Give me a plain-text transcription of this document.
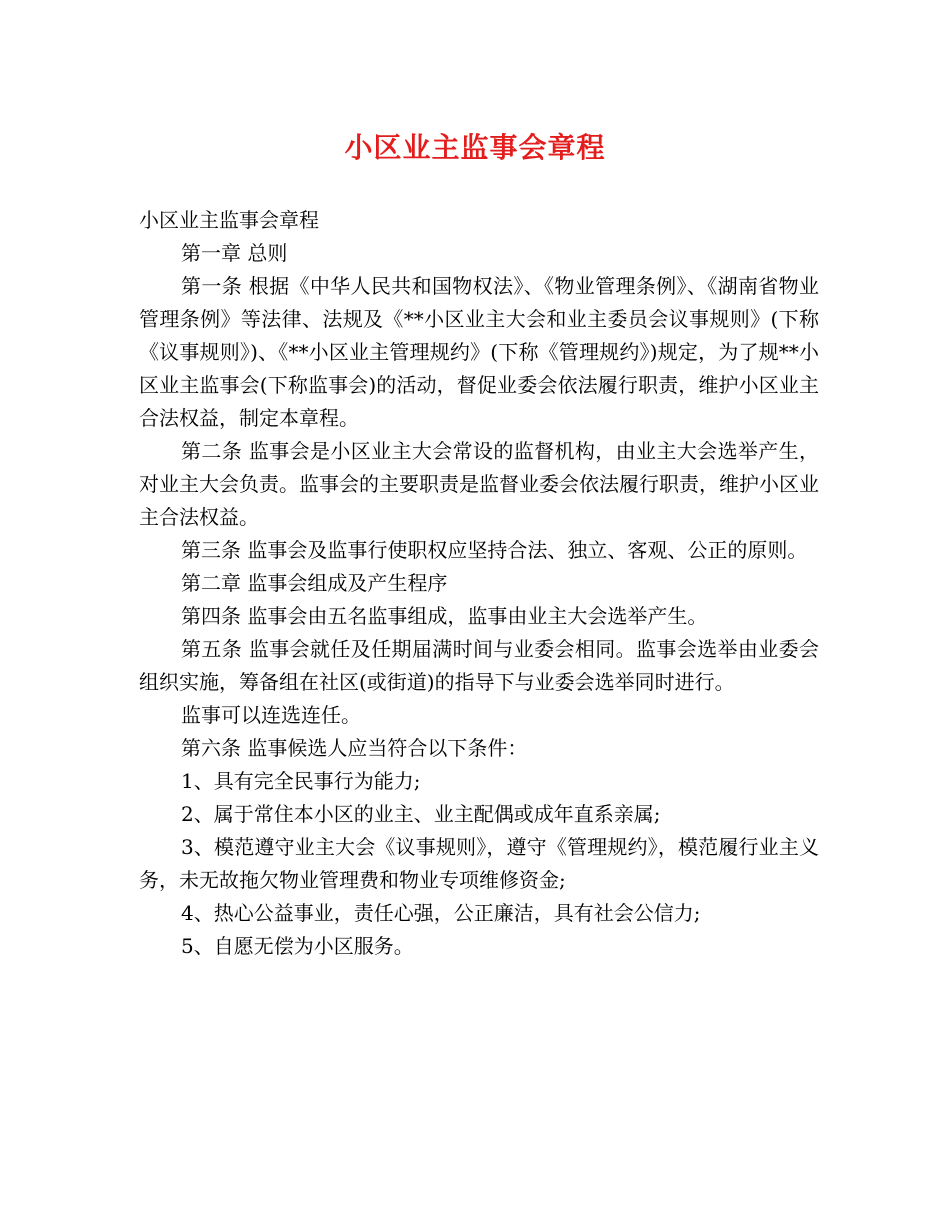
小区业主监事会章程

小区业主监事会章程

第一章 总则

第一条 根据《中华人民共和国物权法》、《物业管理条例》、《湖南省物业管理条例》等法律、法规及《**小区业主大会和业主委员会议事规则》(下称《议事规则》)、《**小区业主管理规约》(下称《管理规约》)规定，为了规**小区业主监事会(下称监事会)的活动，督促业委会依法履行职责，维护小区业主合法权益，制定本章程。

第二条 监事会是小区业主大会常设的监督机构，由业主大会选举产生，对业主大会负责。监事会的主要职责是监督业委会依法履行职责，维护小区业主合法权益。

第三条 监事会及监事行使职权应坚持合法、独立、客观、公正的原则。

第二章 监事会组成及产生程序

第四条 监事会由五名监事组成，监事由业主大会选举产生。

第五条 监事会就任及任期届满时间与业委会相同。监事会选举由业委会组织实施，筹备组在社区(或街道)的指导下与业委会选举同时进行。

监事可以连选连任。

第六条 监事候选人应当符合以下条件：

1、具有完全民事行为能力;

2、属于常住本小区的业主、业主配偶或成年直系亲属;

3、模范遵守业主大会《议事规则》，遵守《管理规约》，模范履行业主义务，未无故拖欠物业管理费和物业专项维修资金;

4、热心公益事业，责任心强，公正廉洁，具有社会公信力;

5、自愿无偿为小区服务。
